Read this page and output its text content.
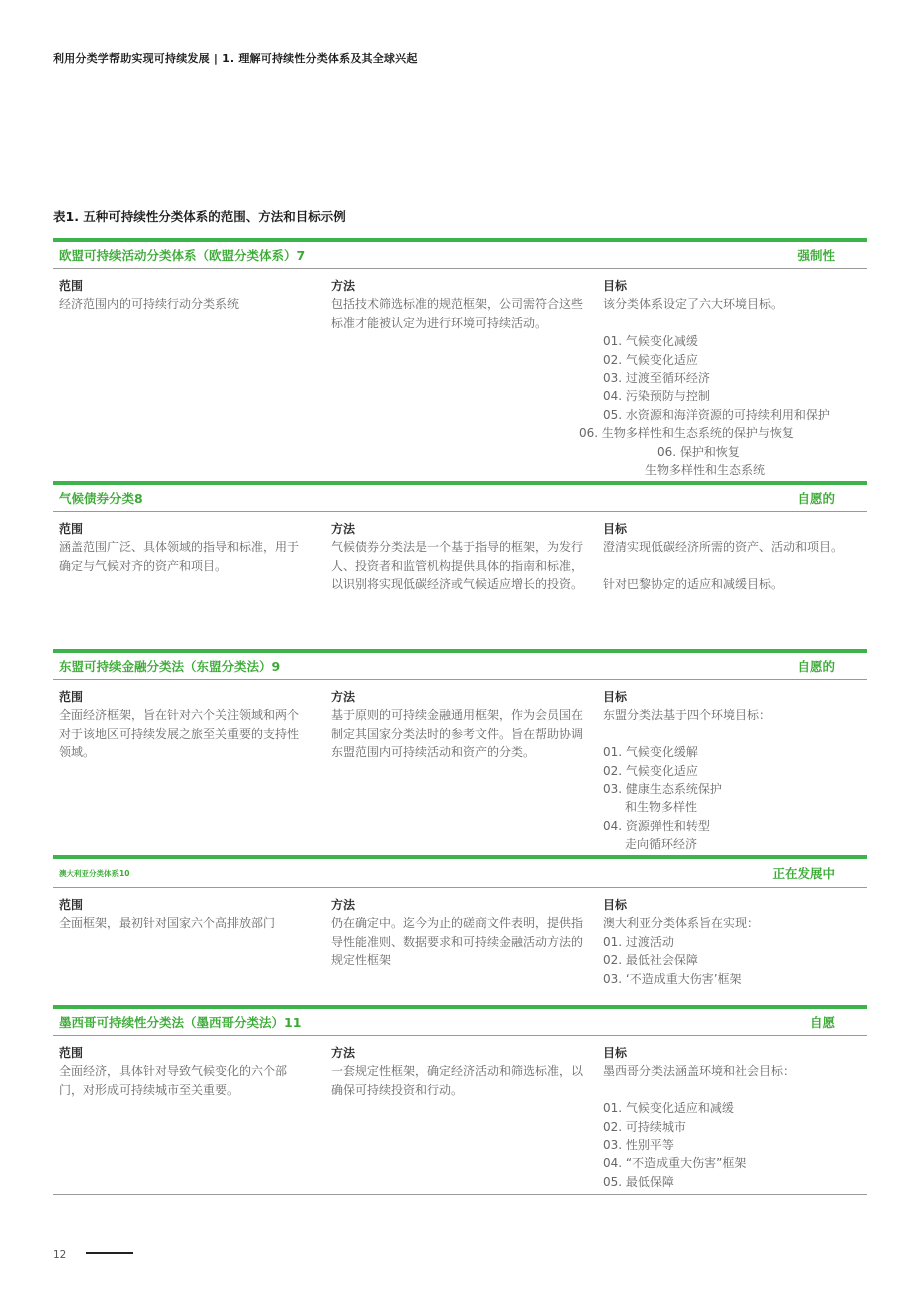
利用分类学帮助实现可持续发展 | 1. 理解可持续性分类体系及其全球兴起
表1. 五种可持续性分类体系的范围、方法和目标示例
欧盟可持续活动分类体系（欧盟分类体系）7	强制性
范围
经济范围内的可持续行动分类系统
方法
包括技术筛选标准的规范框架，公司需符合这些标准才能被认定为进行环境可持续活动。
目标
该分类体系设定了六大环境目标。
01. 气候变化减缓
02. 气候变化适应
03. 过渡至循环经济
04. 污染预防与控制
05. 水资源和海洋资源的可持续利用和保护
06. 生物多样性和生态系统的保护与恢复
06. 保护和恢复
生物多样性和生态系统
气候债券分类8	自愿的
范围
涵盖范围广泛、具体领域的指导和标准，用于确定与气候对齐的资产和项目。
方法
气候债券分类法是一个基于指导的框架，为发行人、投资者和监管机构提供具体的指南和标准，以识别将实现低碳经济或气候适应增长的投资。
目标
澄清实现低碳经济所需的资产、活动和项目。
针对巴黎协定的适应和减缓目标。
东盟可持续金融分类法（东盟分类法）9	自愿的
范围
全面经济框架，旨在针对六个关注领域和两个对于该地区可持续发展之旅至关重要的支持性领域。
方法
基于原则的可持续金融通用框架，作为会员国在制定其国家分类法时的参考文件。旨在帮助协调东盟范围内可持续活动和资产的分类。
目标
东盟分类法基于四个环境目标：
01. 气候变化缓解
02. 气候变化适应
03. 健康生态系统保护
和生物多样性
04. 资源弹性和转型
走向循环经济
澳大利亚分类体系10	正在发展中
范围
全面框架，最初针对国家六个高排放部门
方法
仍在确定中。迄今为止的磋商文件表明，提供指导性能准则、数据要求和可持续金融活动方法的规定性框架
目标
澳大利亚分类体系旨在实现：
01. 过渡活动
02. 最低社会保障
03. ‘不造成重大伤害’框架
墨西哥可持续性分类法（墨西哥分类法）11	自愿
范围
全面经济，具体针对导致气候变化的六个部门，对形成可持续城市至关重要。
方法
一套规定性框架，确定经济活动和筛选标准，以确保可持续投资和行动。
目标
墨西哥分类法涵盖环境和社会目标：
01. 气候变化适应和减缓
02. 可持续城市
03. 性别平等
04. “不造成重大伤害”框架
05. 最低保障
12
